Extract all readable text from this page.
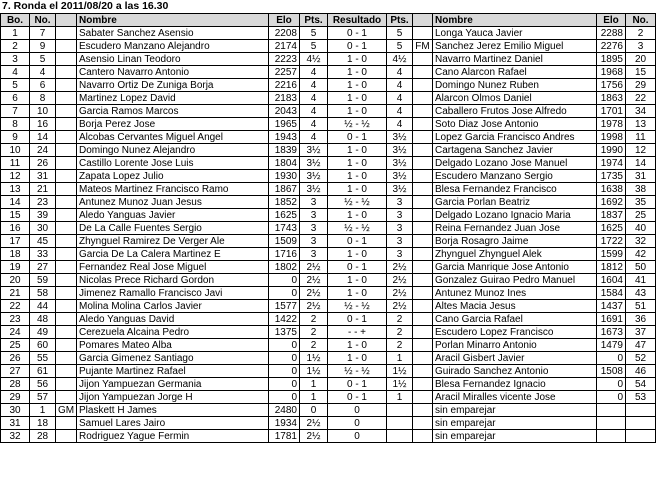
7. Ronda el 2011/08/20 a las 16.30
Bo.	No.		Nombre	Elo	Pts.	Resultado	Pts.		Nombre	Elo	No.
1	7		Sabater Sanchez Asensio	2208	5	0 - 1	5		Longa Yauca Javier	2288	2
2	9		Escudero Manzano Alejandro	2174	5	0 - 1	5	FM	Sanchez Jerez Emilio Miguel	2276	3
3	5		Asensio Linan Teodoro	2223	4½	1 - 0	4½		Navarro Martinez Daniel	1895	20
4	4		Cantero Navarro Antonio	2257	4	1 - 0	4		Cano Alarcon Rafael	1968	15
5	6		Navarro Ortiz De Zuniga Borja	2216	4	1 - 0	4		Domingo Nunez Ruben	1756	29
6	8		Martinez Lopez David	2183	4	1 - 0	4		Alarcon Olmos Daniel	1863	22
7	10		Garcia Ramos Marcos	2043	4	1 - 0	4		Caballero Frutos Jose Alfredo	1701	34
8	16		Borja Perez Jose	1965	4	½ - ½	4		Soto Diaz Jose Antonio	1978	13
9	14		Alcobas Cervantes Miguel Angel	1943	4	0 - 1	3½		Lopez Garcia Francisco Andres	1998	11
10	24		Domingo Nunez Alejandro	1839	3½	1 - 0	3½		Cartagena Sanchez Javier	1990	12
11	26		Castillo Lorente Jose Luis	1804	3½	1 - 0	3½		Delgado Lozano Jose Manuel	1974	14
12	31		Zapata Lopez Julio	1930	3½	1 - 0	3½		Escudero Manzano Sergio	1735	31
13	21		Mateos Martinez Francisco Ramo	1867	3½	1 - 0	3½		Blesa Fernandez Francisco	1638	38
14	23		Antunez Munoz Juan Jesus	1852	3	½ - ½	3		Garcia Porlan Beatriz	1692	35
15	39		Aledo Yanguas Javier	1625	3	1 - 0	3		Delgado Lozano Ignacio Maria	1837	25
16	30		De La Calle Fuentes Sergio	1743	3	½ - ½	3		Reina Fernandez Juan Jose	1625	40
17	45		Zhynguel Ramirez De Verger Ale	1509	3	0 - 1	3		Borja Rosagro Jaime	1722	32
18	33		Garcia De La Calera Martinez E	1716	3	1 - 0	3		Zhynguel Zhynguel Alek	1599	42
19	27		Fernandez Real Jose Miguel	1802	2½	0 - 1	2½		Garcia Manrique Jose Antonio	1812	50
20	59		Nicolas Prece Richard Gordon	0	2½	1 - 0	2½		Gonzalez Guirao Pedro Manuel	1604	41
21	58		Jimenez Ramallo Francisco Javi	0	2½	1 - 0	2½		Antunez Munoz Ines	1584	43
22	44		Molina Molina Carlos Javier	1577	2½	½ - ½	2½		Altes Macia Jesus	1437	51
23	48		Aledo Yanguas David	1422	2	0 - 1	2		Cano Garcia Rafael	1691	36
24	49		Cerezuela Alcaina Pedro	1375	2	- - +	2		Escudero Lopez Francisco	1673	37
25	60		Pomares Mateo Alba	0	2	1 - 0	2		Porlan Minarro Antonio	1479	47
26	55		Garcia Gimenez Santiago	0	1½	1 - 0	1		Aracil Gisbert Javier	0	52
27	61		Pujante Martinez Rafael	0	1½	½ - ½	1½		Guirado Sanchez Antonio	1508	46
28	56		Jijon Yampuezan Germania	0	1	0 - 1	1½		Blesa Fernandez Ignacio	0	54
29	57		Jijon Yampuezan Jorge H	0	1	0 - 1	1		Aracil Miralles vicente Jose	0	53
30	1	GM	Plaskett H James	2480	0	0			sin emparejar		
31	18		Samuel Lares Jairo	1934	2½	0			sin emparejar		
32	28		Rodriguez Yague Fermin	1781	2½	0			sin emparejar		
